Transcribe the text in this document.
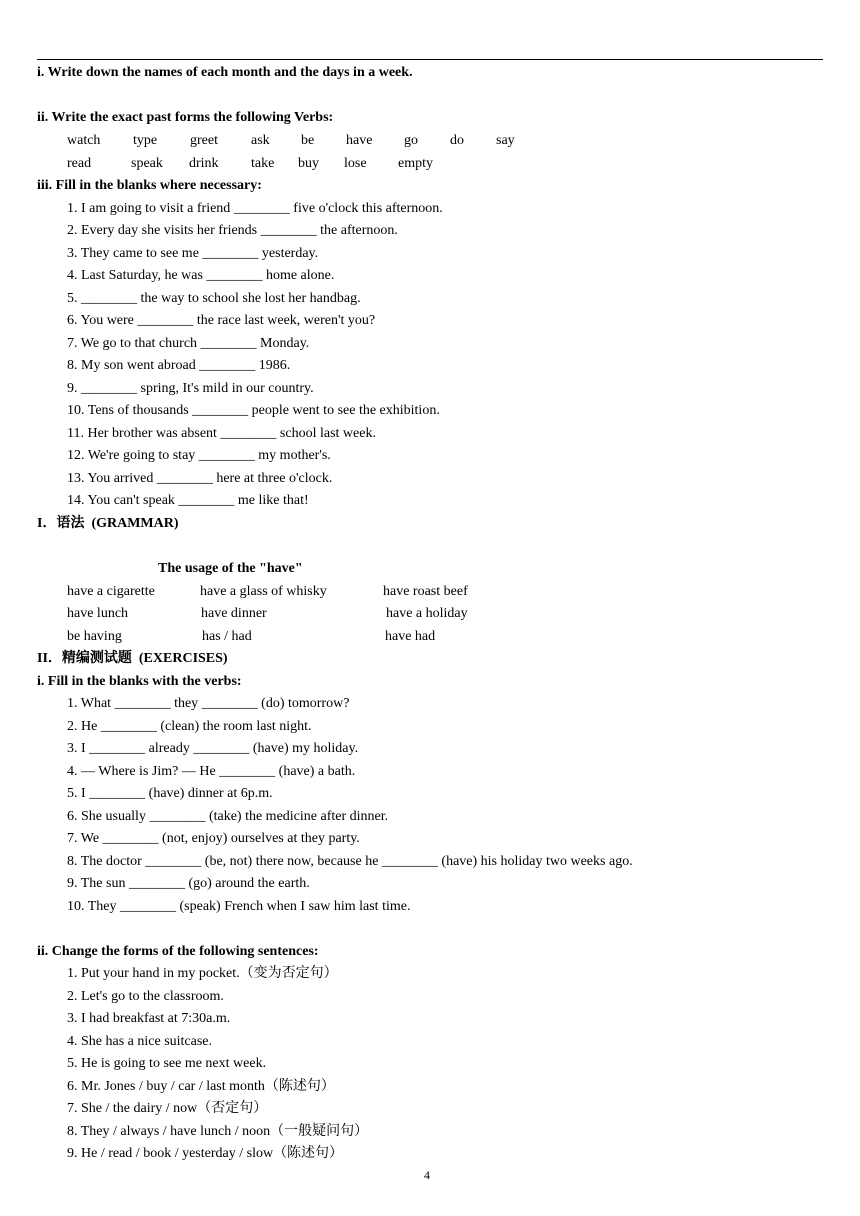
i. Write down the names of each month and the days in a week.
ii. Write the exact past forms the following Verbs:
watch type greet ask be have go do say
read	speak drink take buy lose empty
iii. Fill in the blanks where necessary:
1. I am going to visit a friend ________ five o'clock this afternoon.
2. Every day she visits her friends ________ the afternoon.
3. They came to see me ________ yesterday.
4. Last Saturday, he was ________ home alone.
5. ________ the way to school she lost her handbag.
6. You were ________ the race last week, weren't you?
7. We go to that church ________ Monday.
8. My son went abroad ________ 1986.
9. ________ spring, It's mild in our country.
10. Tens of thousands ________ people went to see the exhibition.
11. Her brother was absent ________ school last week.
12. We're going to stay ________ my mother's.
13. You arrived ________ here at three o'clock.
14. You can't speak ________ me like that!
I．语法  (GRAMMAR)
The usage of the "have"
have a cigarette	have a glass of whisky	have roast beef
have lunch	have dinner	have a holiday
be having	has / had	have had
II．精编测试题  (EXERCISES)
i. Fill in the blanks with the verbs:
1. What ________ they ________ (do) tomorrow?
2. He ________ (clean) the room last night.
3. I ________ already ________ (have) my holiday.
4. — Where is Jim? — He ________ (have) a bath.
5. I ________ (have) dinner at 6p.m.
6. She usually ________ (take) the medicine after dinner.
7. We ________ (not, enjoy) ourselves at they party.
8. The doctor ________ (be, not) there now, because he ________ (have) his holiday two weeks ago.
9. The sun ________ (go) around the earth.
10. They ________ (speak) French when I saw him last time.
ii. Change the forms of the following sentences:
1. Put your hand in my pocket.（变为否定句）
2. Let's go to the classroom.
3. I had breakfast at 7:30a.m.
4. She has a nice suitcase.
5. He is going to see me next week.
6. Mr. Jones / buy / car / last month（陈述句）
7. She / the dairy / now（否定句）
8. They / always / have lunch / noon（一般疑问句）
9. He / read / book / yesterday / slow（陈述句）
4
